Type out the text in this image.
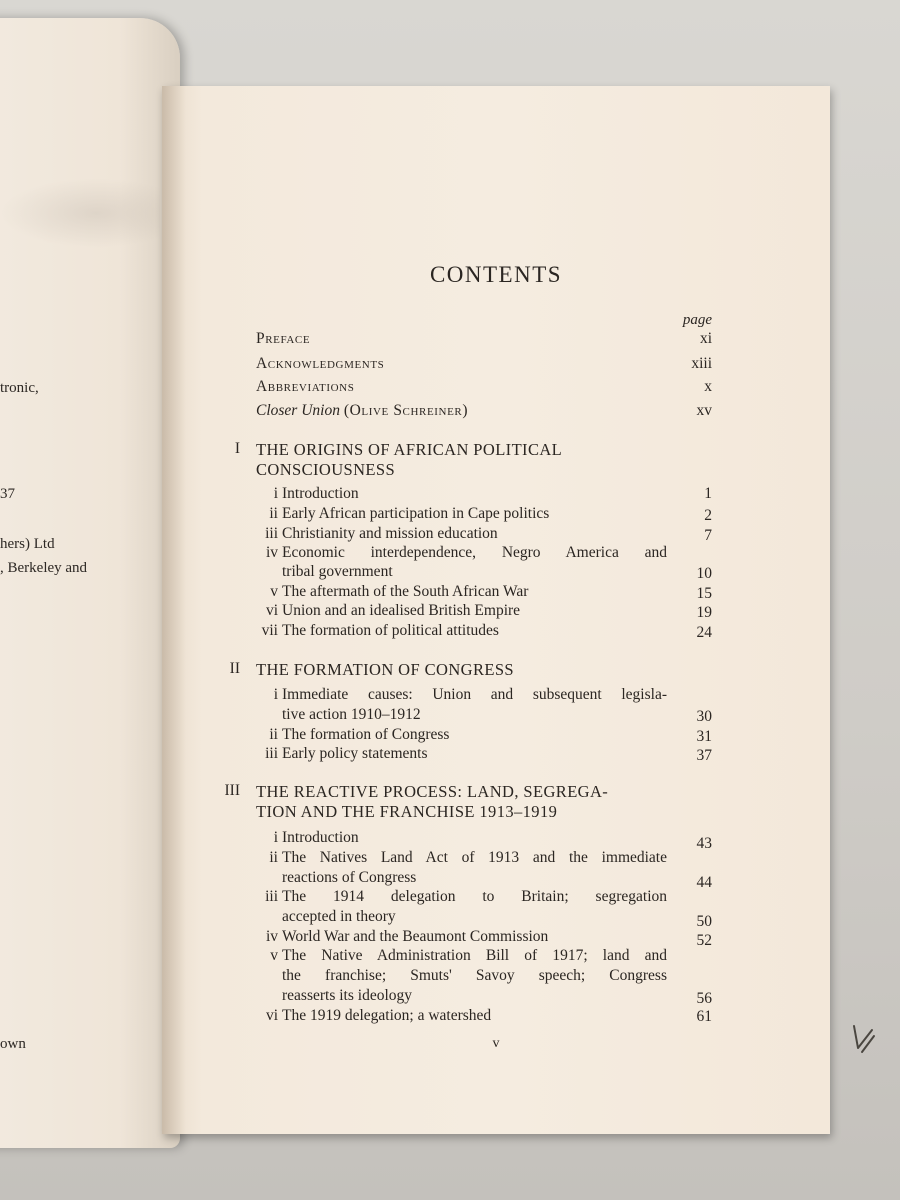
tronic,
37
hers) Ltd
, Berkeley and
own
CONTENTS
page
Preface	xi
Acknowledgments	xiii
Abbreviations	x
Closer Union (Olive Schreiner)	xv
I THE ORIGINS OF AFRICAN POLITICAL
CONSCIOUSNESS
i Introduction	1
ii Early African participation in Cape politics	2
iii Christianity and mission education	7
iv Economic interdependence, Negro America and
tribal government	10
v The aftermath of the South African War	15
vi Union and an idealised British Empire	19
vii The formation of political attitudes	24
II THE FORMATION OF CONGRESS
i Immediate causes: Union and subsequent legisla-
tive action 1910–1912	30
ii The formation of Congress	31
iii Early policy statements	37
III THE REACTIVE PROCESS: LAND, SEGREGA-
TION AND THE FRANCHISE 1913–1919
i Introduction	43
ii The Natives Land Act of 1913 and the immediate
reactions of Congress	44
iii The 1914 delegation to Britain; segregation
accepted in theory	50
iv World War and the Beaumont Commission	52
v The Native Administration Bill of 1917; land and
the franchise; Smuts' Savoy speech; Congress
reasserts its ideology	56
vi The 1919 delegation; a watershed	61
v
